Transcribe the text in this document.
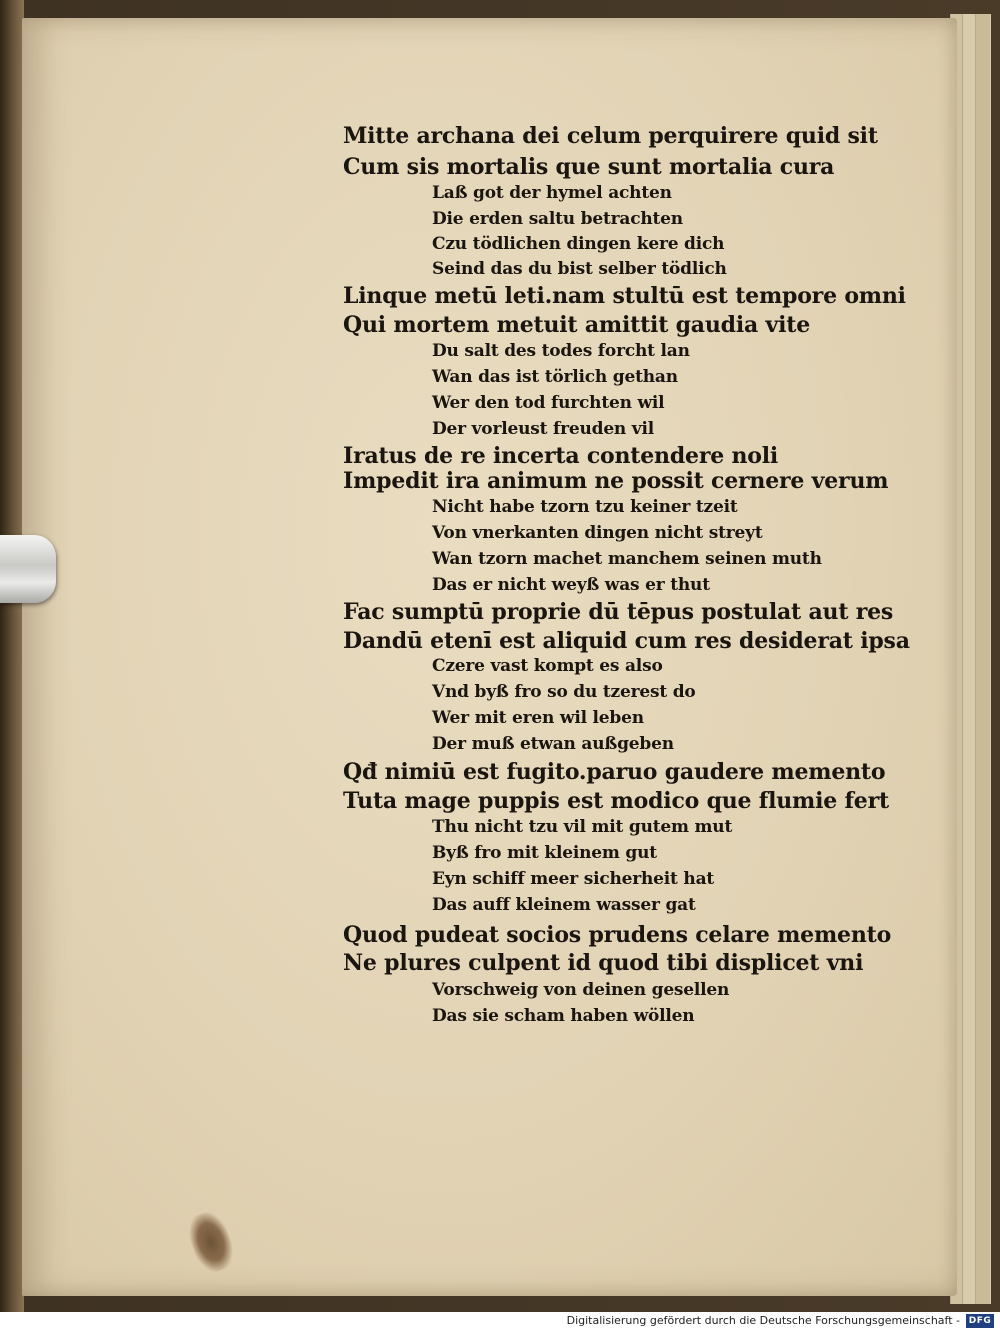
Mitte archana dei celum perquirere quid sit
Cum sis mortalis que sunt mortalia cura
Laß got der hymel achten
Die erden saltu betrachten
Czu tödlichen dingen kere dich
Seind das du bist selber tödlich
Linque metū leti.nam stultū est tempore omni
Qui mortem metuit amittit gaudia vite
Du salt des todes forcht lan
Wan das ist törlich gethan
Wer den tod furchten wil
Der vorleust freuden vil
Iratus de re incerta contendere noli
Impedit ira animum ne possit cernere verum
Nicht habe tzorn tzu keiner tzeit
Von vnerkanten dingen nicht streyt
Wan tzorn machet manchem seinen muth
Das er nicht weyß was er thut
Fac sumptū proprie dū tēpus postulat aut res
Dandū etenī est aliquid cum res desiderat ipsa
Czere vast kompt es also
Vnd byß fro so du tzerest do
Wer mit eren wil leben
Der muß etwan außgeben
Qđ nimiū est fugito.paruo gaudere memento
Tuta mage puppis est modico que flumie fert
Thu nicht tzu vil mit gutem mut
Byß fro mit kleinem gut
Eyn schiff meer sicherheit hat
Das auff kleinem wasser gat
Quod pudeat socios prudens celare memento
Ne plures culpent id quod tibi displicet vni
Vorschweig von deinen gesellen
Das sie scham haben wöllen
Digitalisierung gefördert durch die Deutsche Forschungsgemeinschaft - DFG
